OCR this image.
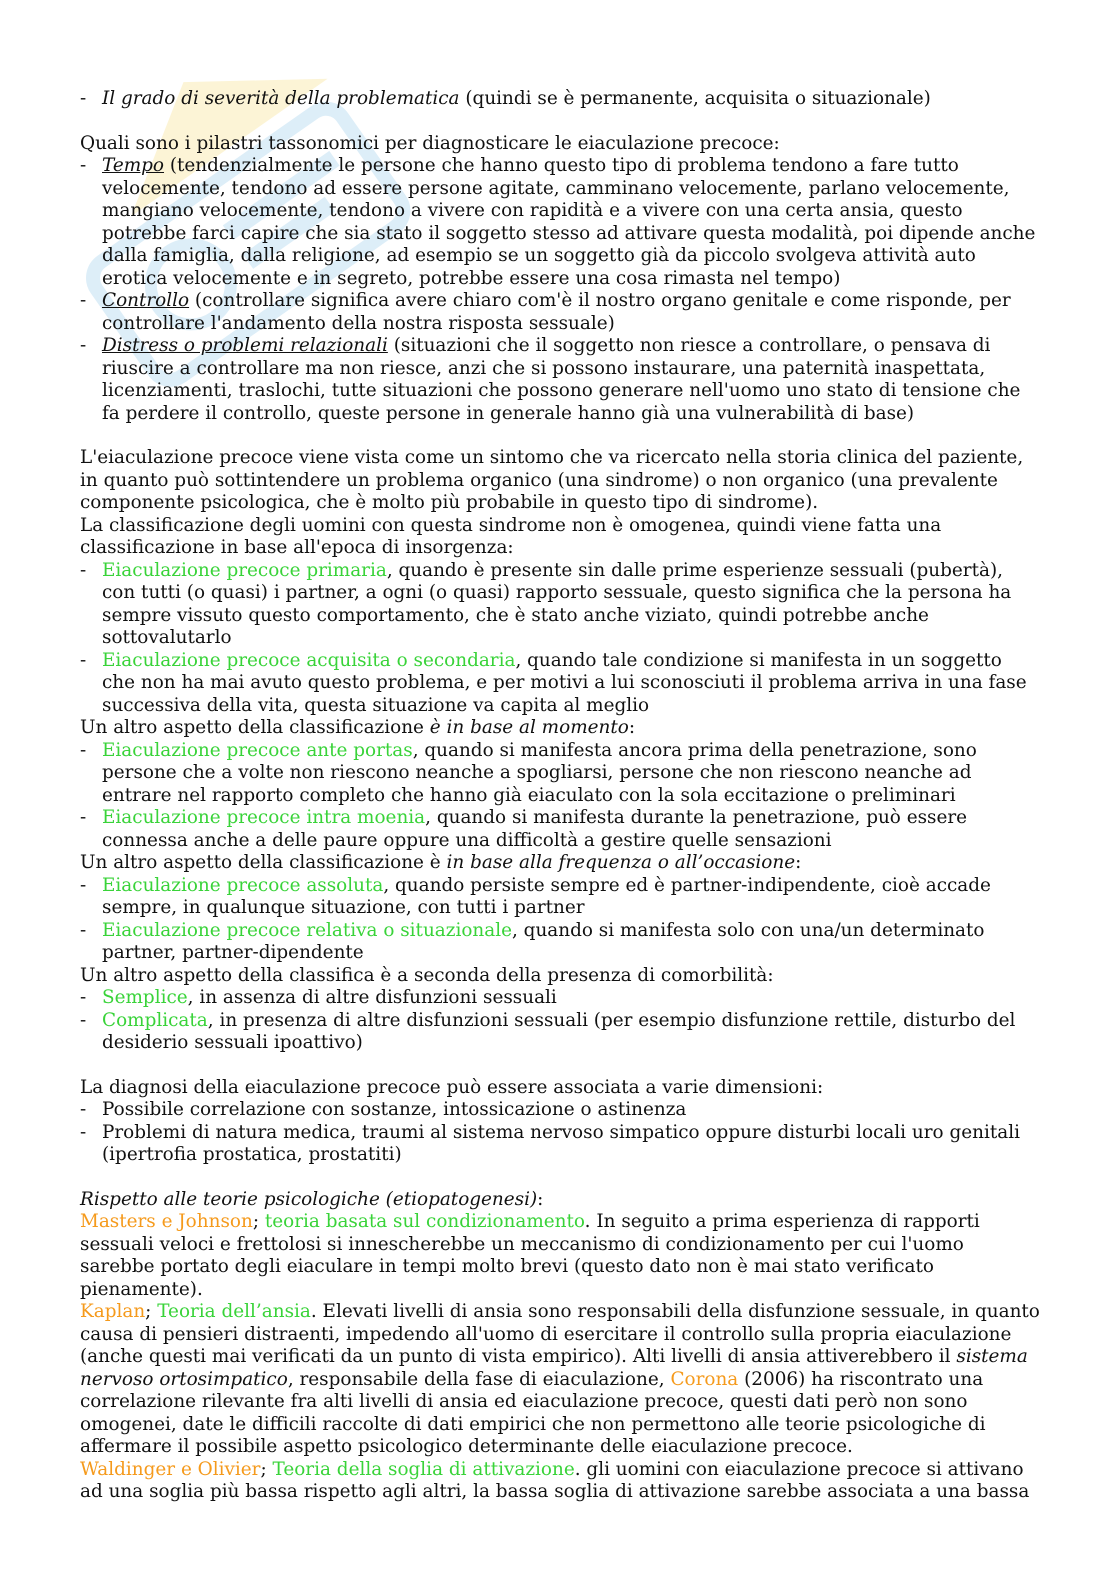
- Il grado di severità della problematica (quindi se è permanente, acquisita o situazionale)

Quali sono i pilastri tassonomici per diagnosticare le eiaculazione precoce:

- Tempo (tendenzialmente le persone che hanno questo tipo di problema tendono a fare tutto velocemente, tendono ad essere persone agitate, camminano velocemente, parlano velocemente, mangiano velocemente, tendono a vivere con rapidità e a vivere con una certa ansia, questo potrebbe farci capire che sia stato il soggetto stesso ad attivare questa modalità, poi dipende anche dalla famiglia, dalla religione, ad esempio se un soggetto già da piccolo svolgeva attività auto erotica velocemente e in segreto, potrebbe essere una cosa rimasta nel tempo)
- Controllo (controllare significa avere chiaro com'è il nostro organo genitale e come risponde, per controllare l'andamento della nostra risposta sessuale)
- Distress o problemi relazionali (situazioni che il soggetto non riesce a controllare, o pensava di riuscire a controllare ma non riesce, anzi che si possono instaurare, una paternità inaspettata, licenziamenti, traslochi, tutte situazioni che possono generare nell'uomo uno stato di tensione che fa perdere il controllo, queste persone in generale hanno già una vulnerabilità di base)

L'eiaculazione precoce viene vista come un sintomo che va ricercato nella storia clinica del paziente, in quanto può sottintendere un problema organico (una sindrome) o non organico (una prevalente componente psicologica, che è molto più probabile in questo tipo di sindrome).

La classificazione degli uomini con questa sindrome non è omogenea, quindi viene fatta una classificazione in base all'epoca di insorgenza:

- Eiaculazione precoce primaria, quando è presente sin dalle prime esperienze sessuali (pubertà), con tutti (o quasi) i partner, a ogni (o quasi) rapporto sessuale, questo significa che la persona ha sempre vissuto questo comportamento, che è stato anche viziato, quindi potrebbe anche sottovalutarlo
- Eiaculazione precoce acquisita o secondaria, quando tale condizione si manifesta in un soggetto che non ha mai avuto questo problema, e per motivi a lui sconosciuti il problema arriva in una fase successiva della vita, questa situazione va capita al meglio

Un altro aspetto della classificazione è in base al momento:

- Eiaculazione precoce ante portas, quando si manifesta ancora prima della penetrazione, sono persone che a volte non riescono neanche a spogliarsi, persone che non riescono neanche ad entrare nel rapporto completo che hanno già eiaculato con la sola eccitazione o preliminari
- Eiaculazione precoce intra moenia, quando si manifesta durante la penetrazione, può essere connessa anche a delle paure oppure una difficoltà a gestire quelle sensazioni

Un altro aspetto della classificazione è in base alla frequenza o all’occasione:

- Eiaculazione precoce assoluta, quando persiste sempre ed è partner-indipendente, cioè accade sempre, in qualunque situazione, con tutti i partner
- Eiaculazione precoce relativa o situazionale, quando si manifesta solo con una/un determinato partner, partner-dipendente

Un altro aspetto della classifica è a seconda della presenza di comorbilità:

- Semplice, in assenza di altre disfunzioni sessuali
- Complicata, in presenza di altre disfunzioni sessuali (per esempio disfunzione rettile, disturbo del desiderio sessuali ipoattivo)

La diagnosi della eiaculazione precoce può essere associata a varie dimensioni:

- Possibile correlazione con sostanze, intossicazione o astinenza
- Problemi di natura medica, traumi al sistema nervoso simpatico oppure disturbi locali uro genitali (ipertrofia prostatica, prostatiti)

Rispetto alle teorie psicologiche (etiopatogenesi):

Masters e Johnson; teoria basata sul condizionamento. In seguito a prima esperienza di rapporti sessuali veloci e frettolosi si innescherebbe un meccanismo di condizionamento per cui l'uomo sarebbe portato degli eiaculare in tempi molto brevi (questo dato non è mai stato verificato pienamente).

Kaplan; Teoria dell’ansia. Elevati livelli di ansia sono responsabili della disfunzione sessuale, in quanto causa di pensieri distraenti, impedendo all'uomo di esercitare il controllo sulla propria eiaculazione (anche questi mai verificati da un punto di vista empirico). Alti livelli di ansia attiverebbero il sistema nervoso ortosimpatico, responsabile della fase di eiaculazione, Corona (2006) ha riscontrato una correlazione rilevante fra alti livelli di ansia ed eiaculazione precoce, questi dati però non sono omogenei, date le difficili raccolte di dati empirici che non permettono alle teorie psicologiche di affermare il possibile aspetto psicologico determinante delle eiaculazione precoce.

Waldinger e Olivier; Teoria della soglia di attivazione. gli uomini con eiaculazione precoce si attivano ad una soglia più bassa rispetto agli altri, la bassa soglia di attivazione sarebbe associata a una bassa
